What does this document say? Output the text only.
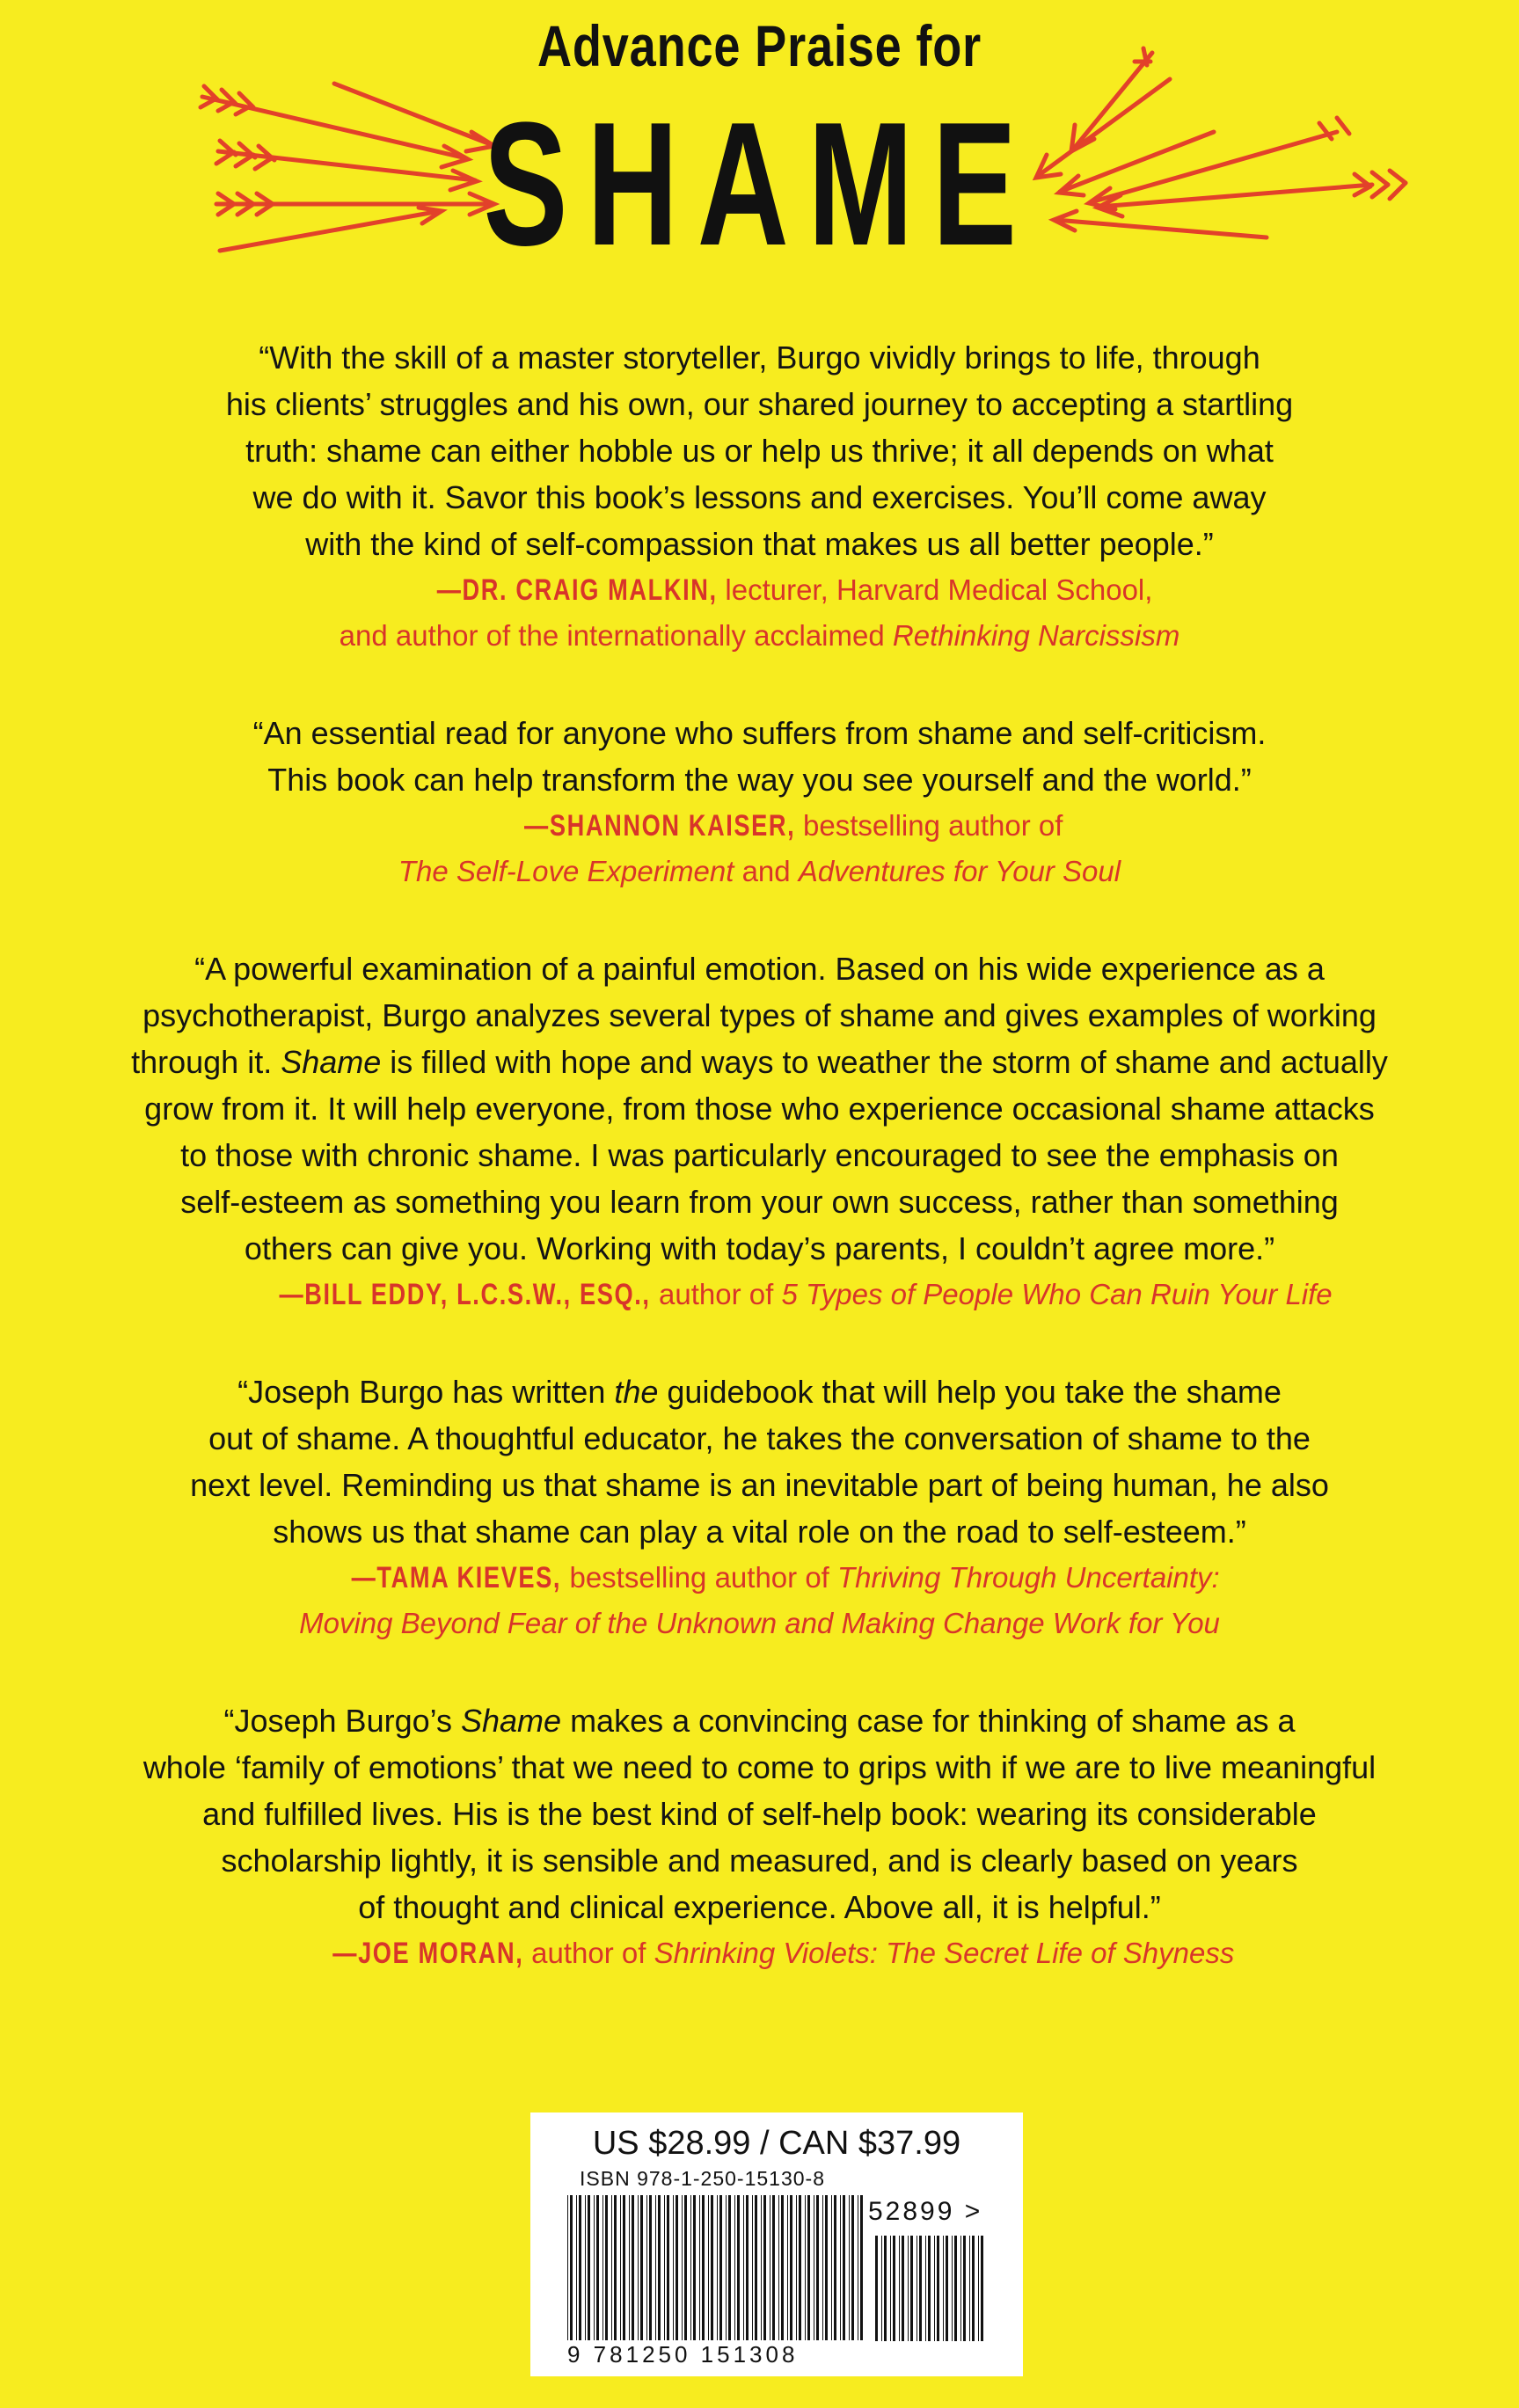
Advance Praise for
SHAME

“With the skill of a master storyteller, Burgo vividly brings to life, through

his clients’ struggles and his own, our shared journey to accepting a startling

truth: shame can either hobble us or help us thrive; it all depends on what

we do with it. Savor this book’s lessons and exercises. You’ll come away

with the kind of self-compassion that makes us all better people.”

—DR. CRAIG MALKIN, lecturer, Harvard Medical School,

and author of the internationally acclaimed Rethinking Narcissism

“An essential read for anyone who suffers from shame and self-criticism.

This book can help transform the way you see yourself and the world.”

—SHANNON KAISER, bestselling author of

The Self-Love Experiment and Adventures for Your Soul

“A powerful examination of a painful emotion. Based on his wide experience as a

psychotherapist, Burgo analyzes several types of shame and gives examples of working

through it. Shame is filled with hope and ways to weather the storm of shame and actually

grow from it. It will help everyone, from those who experience occasional shame attacks

to those with chronic shame. I was particularly encouraged to see the emphasis on

self-esteem as something you learn from your own success, rather than something

others can give you. Working with today’s parents, I couldn’t agree more.”

—BILL EDDY, L.C.S.W., ESQ., author of 5 Types of People Who Can Ruin Your Life

“Joseph Burgo has written the guidebook that will help you take the shame

out of shame. A thoughtful educator, he takes the conversation of shame to the

next level. Reminding us that shame is an inevitable part of being human, he also

shows us that shame can play a vital role on the road to self-esteem.”

—TAMA KIEVES, bestselling author of Thriving Through Uncertainty:

Moving Beyond Fear of the Unknown and Making Change Work for You

“Joseph Burgo’s Shame makes a convincing case for thinking of shame as a

whole ‘family of emotions’ that we need to come to grips with if we are to live meaningful

and fulfilled lives. His is the best kind of self-help book: wearing its considerable

scholarship lightly, it is sensible and measured, and is clearly based on years

of thought and clinical experience. Above all, it is helpful.”

—JOE MORAN, author of Shrinking Violets: The Secret Life of Shyness

US $28.99 / CAN $37.99
ISBN 978-1-250-15130-8
52899 >
9 781250 151308
